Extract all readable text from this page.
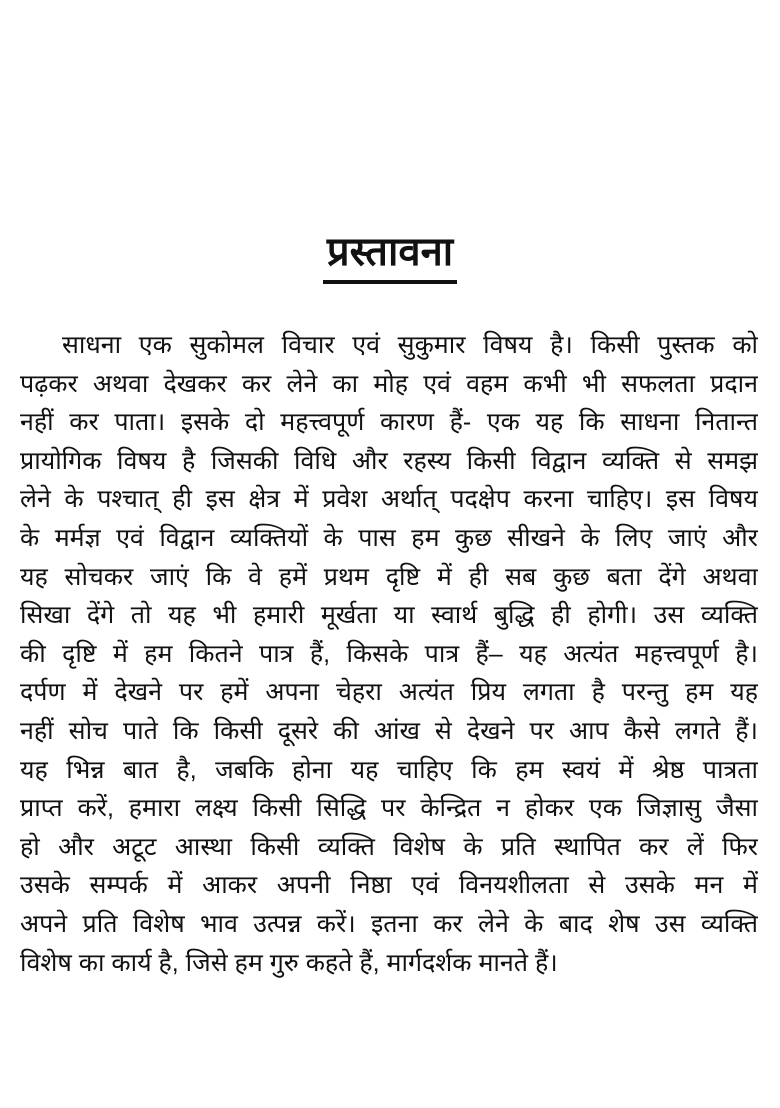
प्रस्तावना
साधना एक सुकोमल विचार एवं सुकुमार विषय है। किसी पुस्तक को
पढ़कर अथवा देखकर कर लेने का मोह एवं वहम कभी भी सफलता प्रदान
नहीं कर पाता। इसके दो महत्त्वपूर्ण कारण हैं- एक यह कि साधना नितान्त
प्रायोगिक विषय है जिसकी विधि और रहस्य किसी विद्वान व्यक्ति से समझ
लेने के पश्चात् ही इस क्षेत्र में प्रवेश अर्थात् पदक्षेप करना चाहिए। इस विषय
के मर्मज्ञ एवं विद्वान व्यक्तियों के पास हम कुछ सीखने के लिए जाएं और
यह सोचकर जाएं कि वे हमें प्रथम दृष्टि में ही सब कुछ बता देंगे अथवा
सिखा देंगे तो यह भी हमारी मूर्खता या स्वार्थ बुद्धि ही होगी। उस व्यक्ति
की दृष्टि में हम कितने पात्र हैं, किसके पात्र हैं– यह अत्यंत महत्त्वपूर्ण है।
दर्पण में देखने पर हमें अपना चेहरा अत्यंत प्रिय लगता है परन्तु हम यह
नहीं सोच पाते कि किसी दूसरे की आंख से देखने पर आप कैसे लगते हैं।
यह भिन्न बात है, जबकि होना यह चाहिए कि हम स्वयं में श्रेष्ठ पात्रता
प्राप्त करें, हमारा लक्ष्य किसी सिद्धि पर केन्द्रित न होकर एक जिज्ञासु जैसा
हो और अटूट आस्था किसी व्यक्ति विशेष के प्रति स्थापित कर लें फिर
उसके सम्पर्क में आकर अपनी निष्ठा एवं विनयशीलता से उसके मन में
अपने प्रति विशेष भाव उत्पन्न करें। इतना कर लेने के बाद शेष उस व्यक्ति
विशेष का कार्य है, जिसे हम गुरु कहते हैं, मार्गदर्शक मानते हैं।
